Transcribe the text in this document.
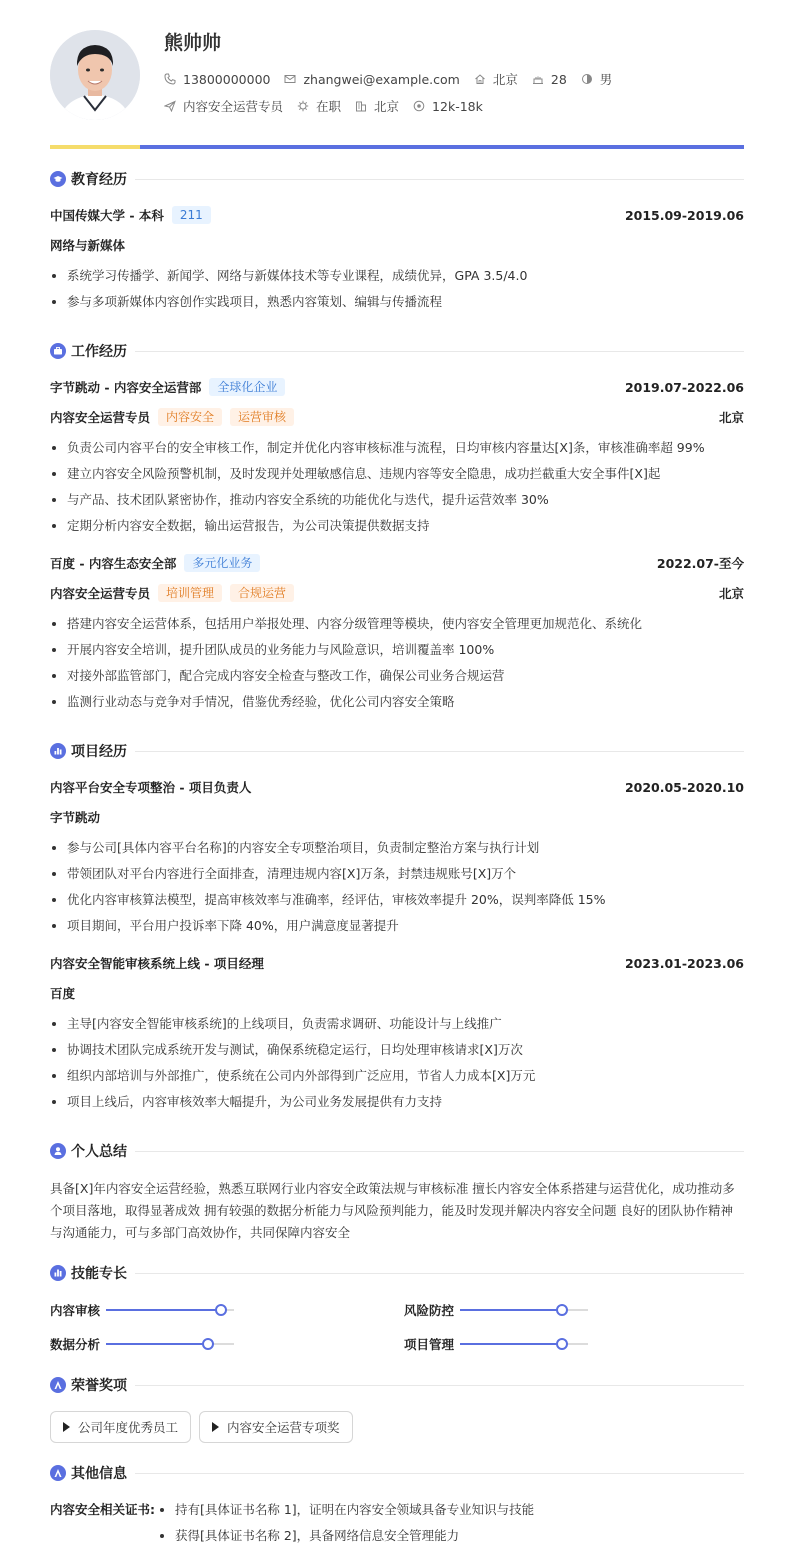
熊帅帅
13800000000	zhangwei@example.com	北京	28	男
内容安全运营专员	在职	北京	12k-18k
教育经历
中国传媒大学 - 本科	211	2015.09-2019.06
网络与新媒体
系统学习传播学、新闻学、网络与新媒体技术等专业课程，成绩优异，GPA 3.5/4.0
参与多项新媒体内容创作实践项目，熟悉内容策划、编辑与传播流程
工作经历
字节跳动 - 内容安全运营部	全球化企业	2019.07-2022.06
内容安全运营专员	内容安全	运营审核	北京
负责公司内容平台的安全审核工作，制定并优化内容审核标准与流程，日均审核内容量达[X]条，审核准确率超 99%
建立内容安全风险预警机制，及时发现并处理敏感信息、违规内容等安全隐患，成功拦截重大安全事件[X]起
与产品、技术团队紧密协作，推动内容安全系统的功能优化与迭代，提升运营效率 30%
定期分析内容安全数据，输出运营报告，为公司决策提供数据支持
百度 - 内容生态安全部	多元化业务	2022.07-至今
内容安全运营专员	培训管理	合规运营	北京
搭建内容安全运营体系，包括用户举报处理、内容分级管理等模块，使内容安全管理更加规范化、系统化
开展内容安全培训，提升团队成员的业务能力与风险意识，培训覆盖率 100%
对接外部监管部门，配合完成内容安全检查与整改工作，确保公司业务合规运营
监测行业动态与竞争对手情况，借鉴优秀经验，优化公司内容安全策略
项目经历
内容平台安全专项整治 - 项目负责人	2020.05-2020.10
字节跳动
参与公司[具体内容平台名称]的内容安全专项整治项目，负责制定整治方案与执行计划
带领团队对平台内容进行全面排查，清理违规内容[X]万条，封禁违规账号[X]万个
优化内容审核算法模型，提高审核效率与准确率，经评估，审核效率提升 20%，误判率降低 15%
项目期间，平台用户投诉率下降 40%，用户满意度显著提升
内容安全智能审核系统上线 - 项目经理	2023.01-2023.06
百度
主导[内容安全智能审核系统]的上线项目，负责需求调研、功能设计与上线推广
协调技术团队完成系统开发与测试，确保系统稳定运行，日均处理审核请求[X]万次
组织内部培训与外部推广，使系统在公司内外部得到广泛应用，节省人力成本[X]万元
项目上线后，内容审核效率大幅提升，为公司业务发展提供有力支持
个人总结
具备[X]年内容安全运营经验，熟悉互联网行业内容安全政策法规与审核标准 擅长内容安全体系搭建与运营优化，成功推动多个项目落地，取得显著成效 拥有较强的数据分析能力与风险预判能力，能及时发现并解决内容安全问题 良好的团队协作精神与沟通能力，可与多部门高效协作，共同保障内容安全
技能专长
内容审核	风险防控
数据分析	项目管理
荣誉奖项
公司年度优秀员工	内容安全运营专项奖
其他信息
内容安全相关证书:	持有[具体证书名称 1]，证明在内容安全领域具备专业知识与技能
获得[具体证书名称 2]，具备网络信息安全管理能力
